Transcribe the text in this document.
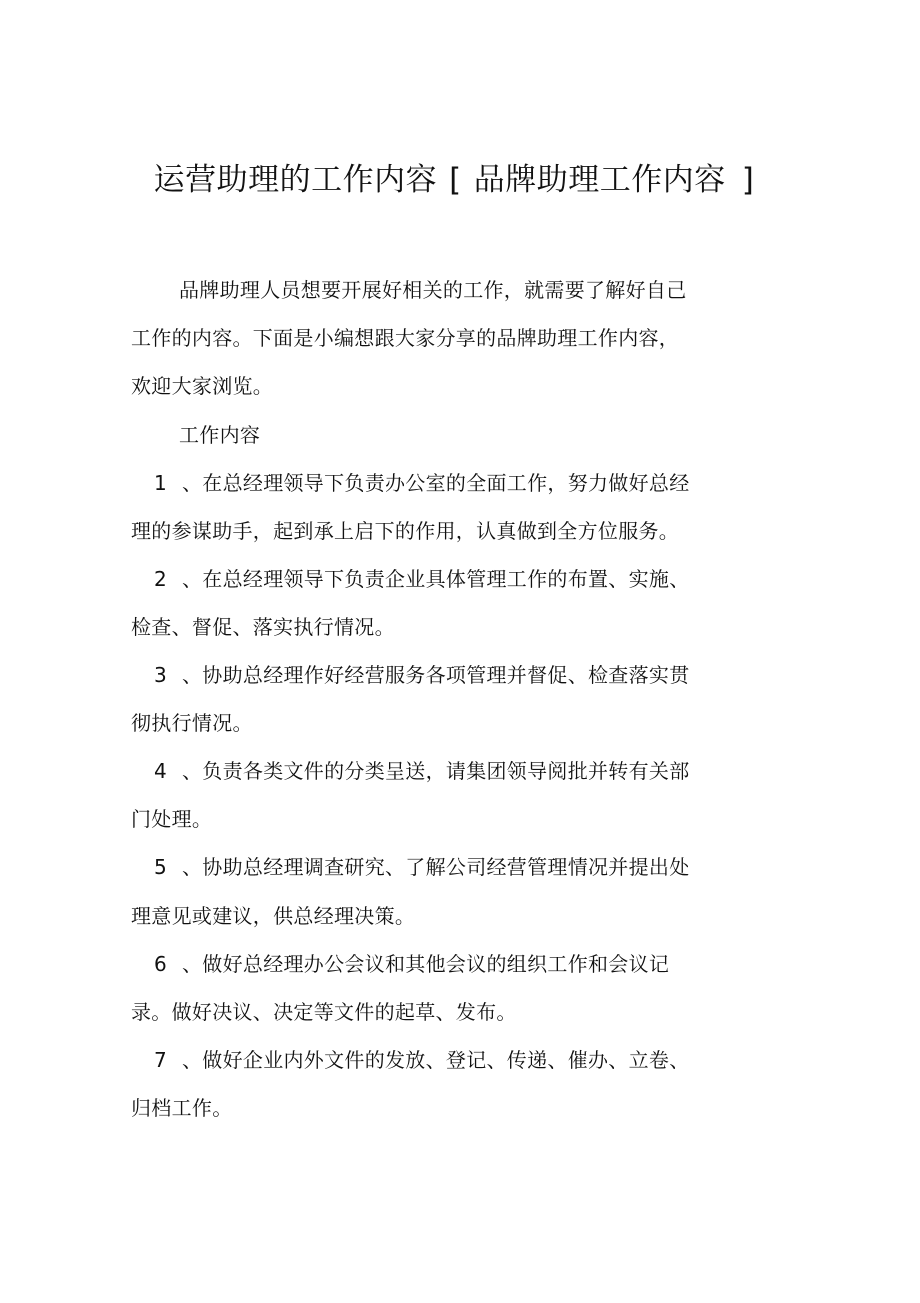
运营助理的工作内容 [ 品牌助理工作内容 ]
品牌助理人员想要开展好相关的工作，就需要了解好自己
工作的内容。下面是小编想跟大家分享的品牌助理工作内容，
欢迎大家浏览。
工作内容
1 、在总经理领导下负责办公室的全面工作，努力做好总经
理的参谋助手，起到承上启下的作用，认真做到全方位服务。
2 、在总经理领导下负责企业具体管理工作的布置、实施、
检查、督促、落实执行情况。
3 、协助总经理作好经营服务各项管理并督促、检查落实贯
彻执行情况。
4 、负责各类文件的分类呈送，请集团领导阅批并转有关部
门处理。
5 、协助总经理调查研究、了解公司经营管理情况并提出处
理意见或建议，供总经理决策。
6 、做好总经理办公会议和其他会议的组织工作和会议记
录。做好决议、决定等文件的起草、发布。
7 、做好企业内外文件的发放、登记、传递、催办、立卷、
归档工作。
